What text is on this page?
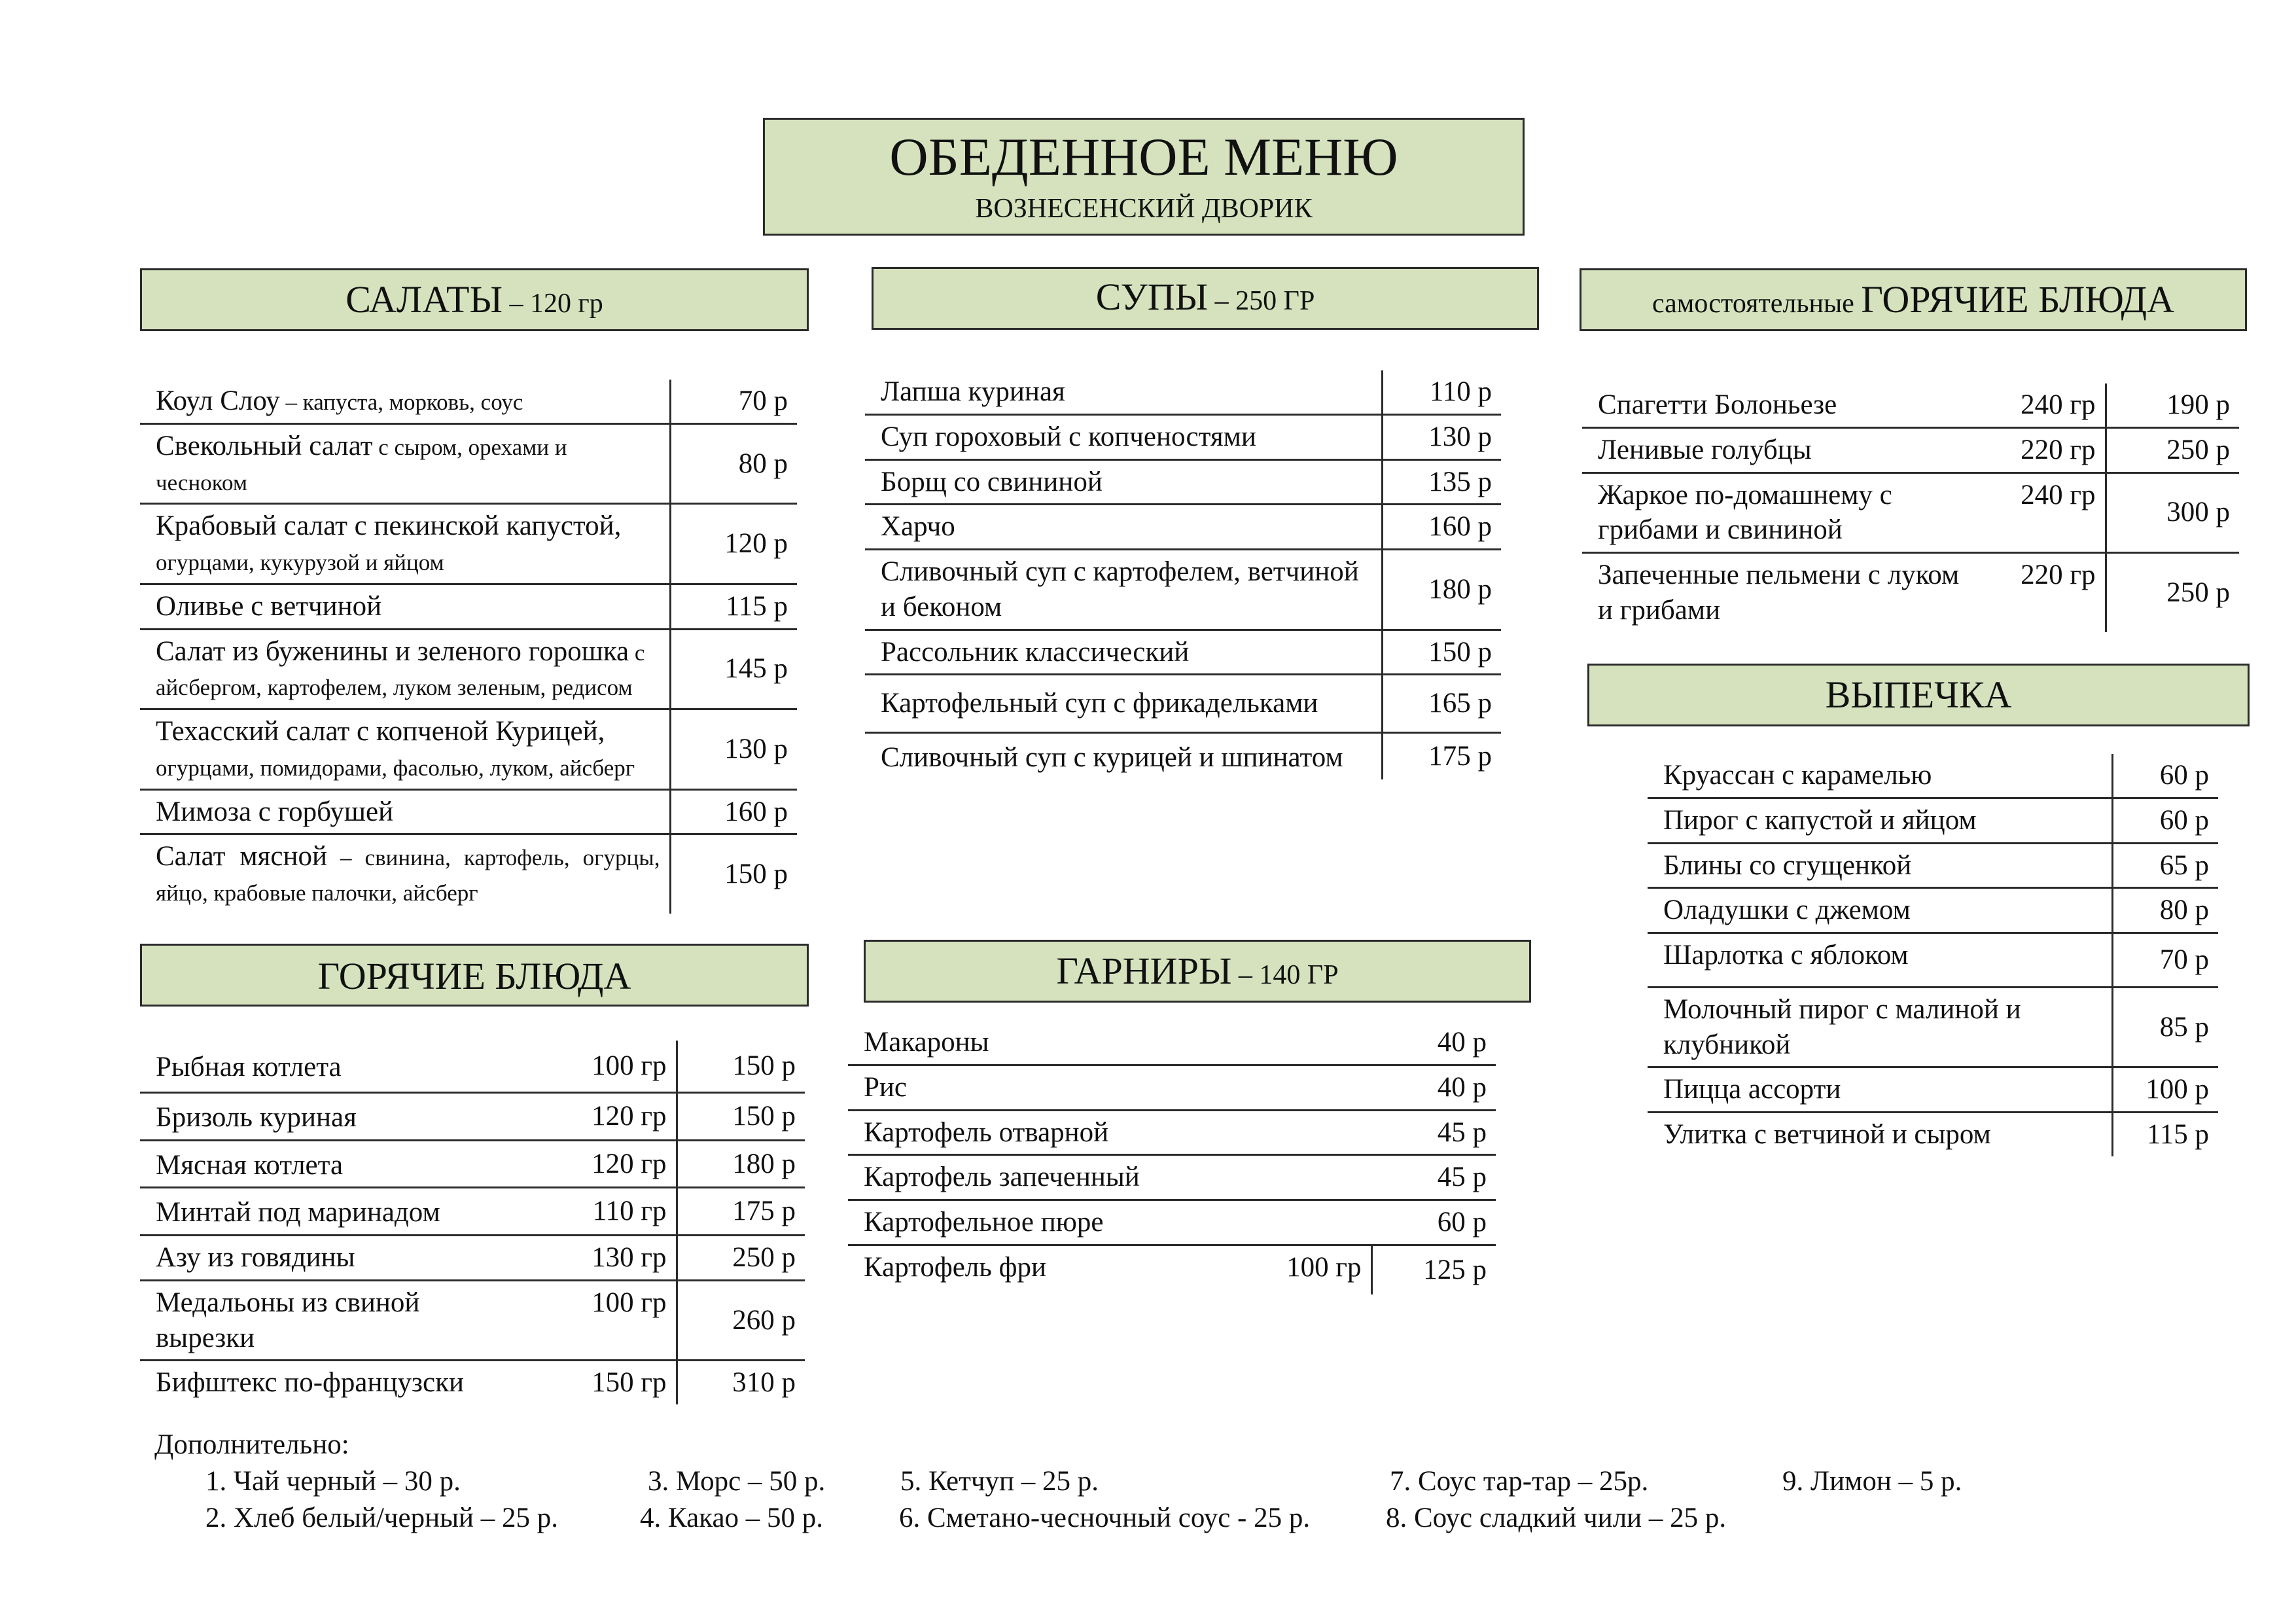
ОБЕДЕННОЕ МЕНЮ
ВОЗНЕСЕНСКИЙ ДВОРИК
САЛАТЫ – 120 гр	СУПЫ – 250 ГР	самостоятельные ГОРЯЧИЕ БЛЮДА
ВЫПЕЧКА
ГОРЯЧИЕ БЛЮДА	ГАРНИРЫ – 140 ГР
Коул Слоу – капуста, морковь, соус	70 р
Свекольный салат с сыром, орехами и чесноком	80 р
Крабовый салат с пекинской капустой, огурцами, кукурузой и яйцом	120 р
Оливье с ветчиной	115 р
Салат из буженины и зеленого горошка с айсбергом, картофелем, луком зеленым, редисом	145 р
Техасский салат с копченой Курицей, огурцами, помидорами, фасолью, луком, айсберг	130 р
Мимоза с горбушей	160 р
Салат мясной – свинина, картофель, огурцы, яйцо, крабовые палочки, айсберг	150 р
Лапша куриная	110 р
Суп гороховый с копченостями	130 р
Борщ со свининой	135 р
Харчо	160 р
Сливочный суп с картофелем, ветчиной и беконом	180 р
Рассольник классический	150 р
Картофельный суп с фрикадельками	165 р
Сливочный суп с курицей и шпинатом	175 р
Спагетти Болоньезе	240 гр	190 р
Ленивые голубцы	220 гр	250 р
Жаркое по-домашнему с грибами и свининой	240 гр	300 р
Запеченные пельмени с луком и грибами	220 гр	250 р
Круассан с карамелью	60 р
Пирог с капустой и яйцом	60 р
Блины со сгущенкой	65 р
Оладушки с джемом	80 р
Шарлотка с яблоком	70 р
Молочный пирог с малиной и клубникой	85 р
Пицца ассорти	100 р
Улитка с ветчиной и сыром	115 р
Рыбная котлета	100 гр	150 р
Бризоль куриная	120 гр	150 р
Мясная котлета	120 гр	180 р
Минтай под маринадом	110 гр	175 р
Азу из говядины	130 гр	250 р
Медальоны из свиной вырезки	100 гр	260 р
Бифштекс по-французски	150 гр	310 р
Макароны		40 р
Рис		40 р
Картофель отварной		45 р
Картофель запеченный		45 р
Картофельное пюре		60 р
Картофель фри	100 гр	125 р
Дополнительно:
1. Чай черный – 30 р.	3. Морс – 50 р.	5. Кетчуп – 25 р.	7. Соус тар-тар – 25р.	9. Лимон – 5 р.
2. Хлеб белый/черный – 25 р.	4. Какао – 50 р.	6. Сметано-чесночный соус - 25 р.	8. Соус сладкий чили – 25 р.
